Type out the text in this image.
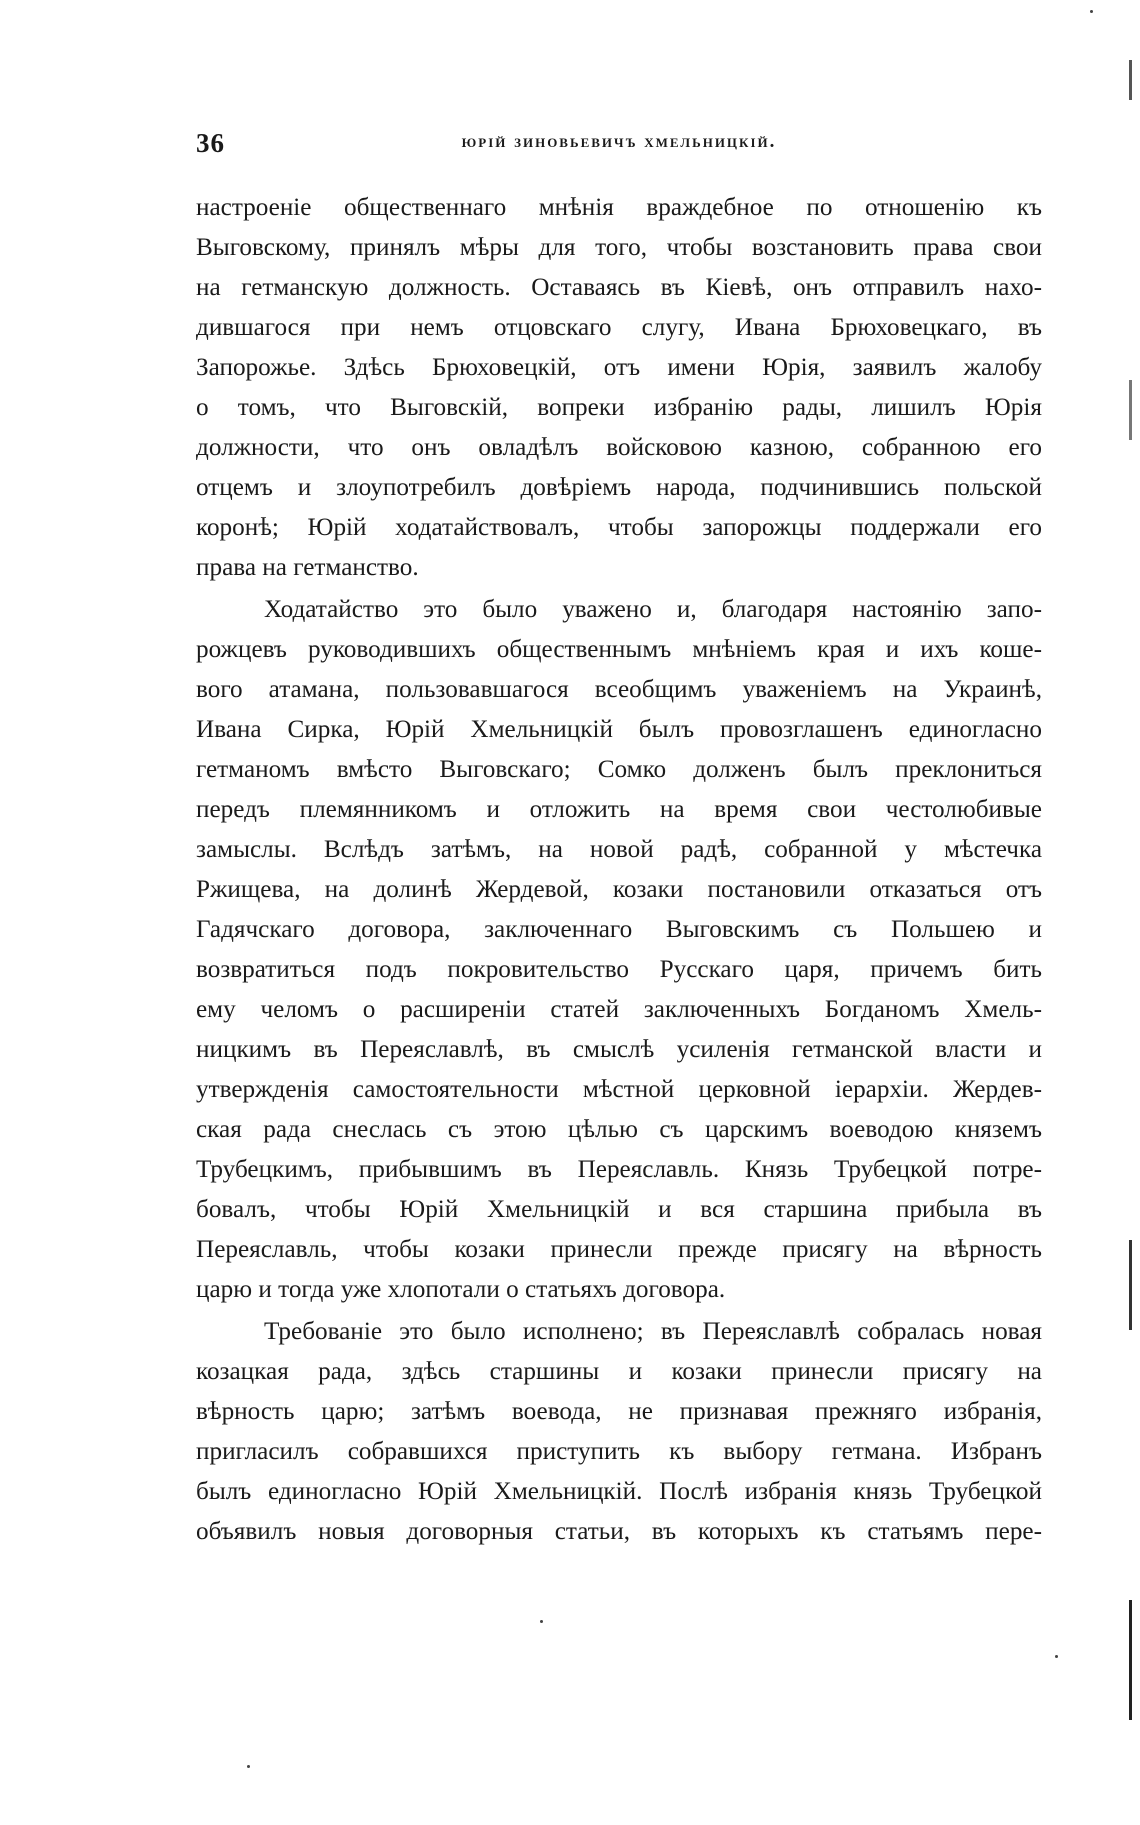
36	юрій зиновьевичъ хмельницкій.
настроеніе общественнаго мнѣнія враждебное по отношенію къ
Выговскому, принялъ мѣры для того, чтобы возстановить права свои
на гетманскую должность. Оставаясь въ Кіевѣ, онъ отправилъ нахо-
дившагося при немъ отцовскаго слугу, Ивана Брюховецкаго, въ
Запорожье. Здѣсь Брюховецкій, отъ имени Юрія, заявилъ жалобу
о томъ, что Выговскій, вопреки избранію рады, лишилъ Юрія
должности, что онъ овладѣлъ войсковою казною, собранною его
отцемъ и злоупотребилъ довѣріемъ народа, подчинившись польской
коронѣ; Юрій ходатайствовалъ, чтобы запорожцы поддержали его
права на гетманство.
Ходатайство это было уважено и, благодаря настоянію запо-
рожцевъ руководившихъ общественнымъ мнѣніемъ края и ихъ коше-
вого атамана, пользовавшагося всеобщимъ уваженіемъ на Украинѣ,
Ивана Сирка, Юрій Хмельницкій былъ провозглашенъ единогласно
гетманомъ вмѣсто Выговскаго; Сомко долженъ былъ преклониться
передъ племянникомъ и отложить на время свои честолюбивые
замыслы. Вслѣдъ затѣмъ, на новой радѣ, собранной у мѣстечка
Ржищева, на долинѣ Жердевой, козаки постановили отказаться отъ
Гадячскаго договора, заключеннаго Выговскимъ съ Польшею и
возвратиться подъ покровительство Русскаго царя, причемъ бить
ему челомъ о расширеніи статей заключенныхъ Богданомъ Хмель-
ницкимъ въ Переяславлѣ, въ смыслѣ усиленія гетманской власти и
утвержденія самостоятельности мѣстной церковной іерархіи. Жердев-
ская рада снеслась съ этою цѣлью съ царскимъ воеводою княземъ
Трубецкимъ, прибывшимъ въ Переяславль. Князь Трубецкой потре-
бовалъ, чтобы Юрій Хмельницкій и вся старшина прибыла въ
Переяславль, чтобы козаки принесли прежде присягу на вѣрность
царю и тогда уже хлопотали о статьяхъ договора.
Требованіе это было исполнено; въ Переяславлѣ собралась новая
козацкая рада, здѣсь старшины и козаки принесли присягу на
вѣрность царю; затѣмъ воевода, не признавая прежняго избранія,
пригласилъ собравшихся приступить къ выбору гетмана. Избранъ
былъ единогласно Юрій Хмельницкій. Послѣ избранія князь Трубецкой
объявилъ новыя договорныя статьи, въ которыхъ къ статьямъ пере-
